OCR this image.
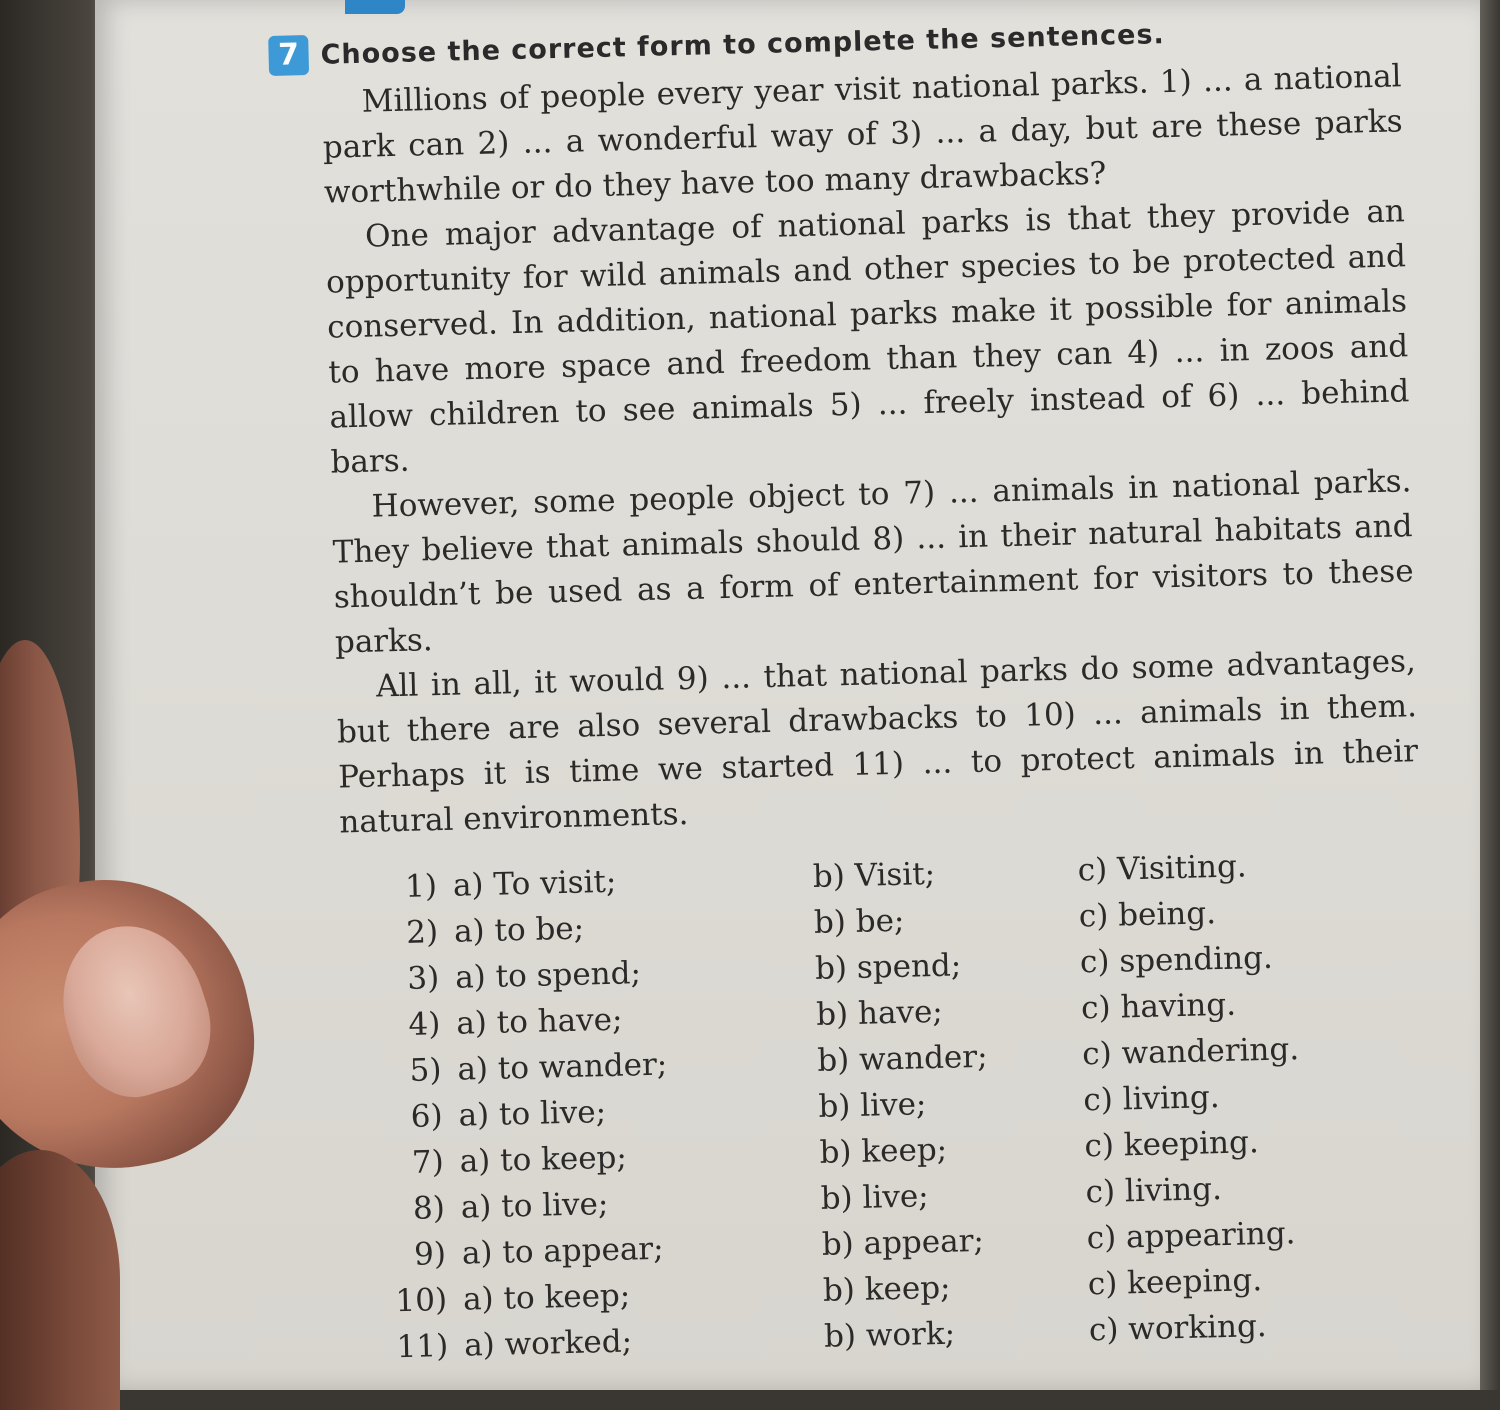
7 Choose the correct form to complete the sentences.

Millions of people every year visit national parks. 1) ... a national park can 2) ... a wonderful way of 3) ... a day, but are these parks worthwhile or do they have too many drawbacks?

One major advantage of national parks is that they provide an opportunity for wild animals and other species to be protected and conserved. In addition, national parks make it possible for animals to have more space and freedom than they can 4) ... in zoos and allow children to see animals 5) ... freely instead of 6) ... behind bars.

However, some people object to 7) ... animals in national parks. They believe that animals should 8) ... in their natural habitats and shouldn’t be used as a form of entertainment for visitors to these parks.

All in all, it would 9) ... that national parks do some advantages, but there are also several drawbacks to 10) ... animals in them. Perhaps it is time we started 11) ... to protect animals in their natural environments.

1) a) To visit;	b) Visit;	c) Visiting.
2) a) to be;	b) be;	c) being.
3) a) to spend;	b) spend;	c) spending.
4) a) to have;	b) have;	c) having.
5) a) to wander;	b) wander;	c) wandering.
6) a) to live;	b) live;	c) living.
7) a) to keep;	b) keep;	c) keeping.
8) a) to live;	b) live;	c) living.
9) a) to appear;	b) appear;	c) appearing.
10) a) to keep;	b) keep;	c) keeping.
11) a) worked;	b) work;	c) working.
